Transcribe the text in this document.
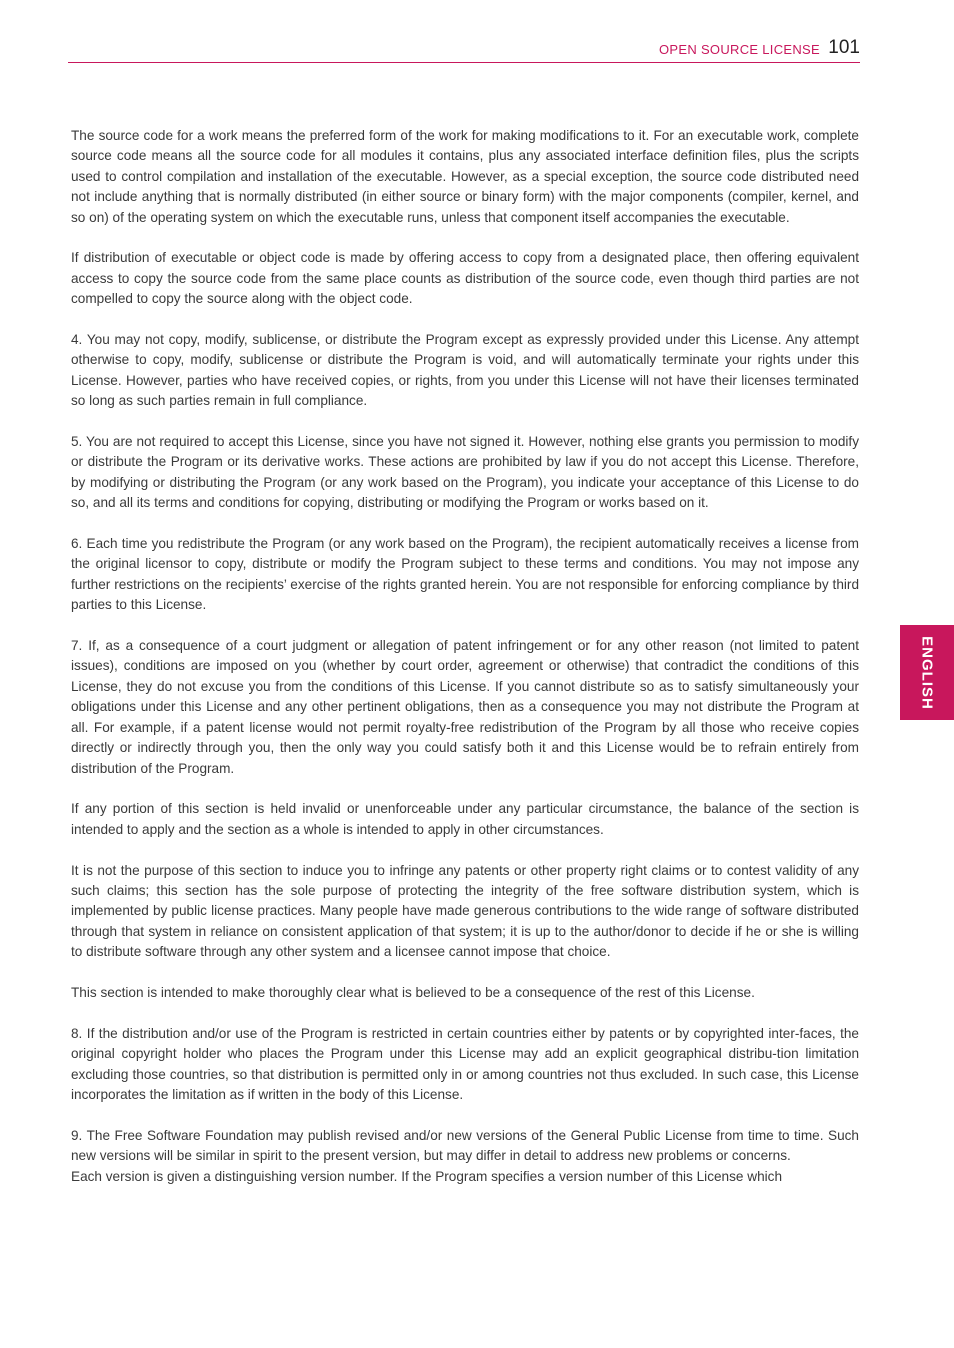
OPEN SOURCE LICENSE 101

The source code for a work means the preferred form of the work for making modifications to it. For an executable work, complete source code means all the source code for all modules it contains, plus any associated interface definition files, plus the scripts used to control compilation and installation of the executable. However, as a special exception, the source code distributed need not include anything that is normally distributed (in either source or binary form) with the major components (compiler, kernel, and so on) of the operating system on which the executable runs, unless that component itself accompanies the executable.

If distribution of executable or object code is made by offering access to copy from a designated place, then offering equivalent access to copy the source code from the same place counts as distribution of the source code, even though third parties are not compelled to copy the source along with the object code.

4. You may not copy, modify, sublicense, or distribute the Program except as expressly provided under this License. Any attempt otherwise to copy, modify, sublicense or distribute the Program is void, and will automatically terminate your rights under this License. However, parties who have received copies, or rights, from you under this License will not have their licenses terminated so long as such parties remain in full compliance.

5. You are not required to accept this License, since you have not signed it. However, nothing else grants you permission to modify or distribute the Program or its derivative works. These actions are prohibited by law if you do not accept this License. Therefore, by modifying or distributing the Program (or any work based on the Program), you indicate your acceptance of this License to do so, and all its terms and conditions for copying, distributing or modifying the Program or works based on it.

6. Each time you redistribute the Program (or any work based on the Program), the recipient automatically receives a license from the original licensor to copy, distribute or modify the Program subject to these terms and conditions. You may not impose any further restrictions on the recipients’ exercise of the rights granted herein. You are not responsible for enforcing compliance by third parties to this License.

7. If, as a consequence of a court judgment or allegation of patent infringement or for any other reason (not limited to patent issues), conditions are imposed on you (whether by court order, agreement or otherwise) that contradict the conditions of this License, they do not excuse you from the conditions of this License. If you cannot distribute so as to satisfy simultaneously your obligations under this License and any other pertinent obligations, then as a consequence you may not distribute the Program at all. For example, if a patent license would not permit royalty-free redistribution of the Program by all those who receive copies directly or indirectly through you, then the only way you could satisfy both it and this License would be to refrain entirely from distribution of the Program.

If any portion of this section is held invalid or unenforceable under any particular circumstance, the balance of the section is intended to apply and the section as a whole is intended to apply in other circumstances.

It is not the purpose of this section to induce you to infringe any patents or other property right claims or to contest validity of any such claims; this section has the sole purpose of protecting the integrity of the free software distribution system, which is implemented by public license practices. Many people have made generous contributions to the wide range of software distributed through that system in reliance on consistent application of that system; it is up to the author/donor to decide if he or she is willing to distribute software through any other system and a licensee cannot impose that choice.

This section is intended to make thoroughly clear what is believed to be a consequence of the rest of this License.

8. If the distribution and/or use of the Program is restricted in certain countries either by patents or by copyrighted inter-faces, the original copyright holder who places the Program under this License may add an explicit geographical distribu-tion limitation excluding those countries, so that distribution is permitted only in or among countries not thus excluded. In such case, this License incorporates the limitation as if written in the body of this License.

9. The Free Software Foundation may publish revised and/or new versions of the General Public License from time to time. Such new versions will be similar in spirit to the present version, but may differ in detail to address new problems or concerns.

Each version is given a distinguishing version number. If the Program specifies a version number of this License which

ENGLISH
